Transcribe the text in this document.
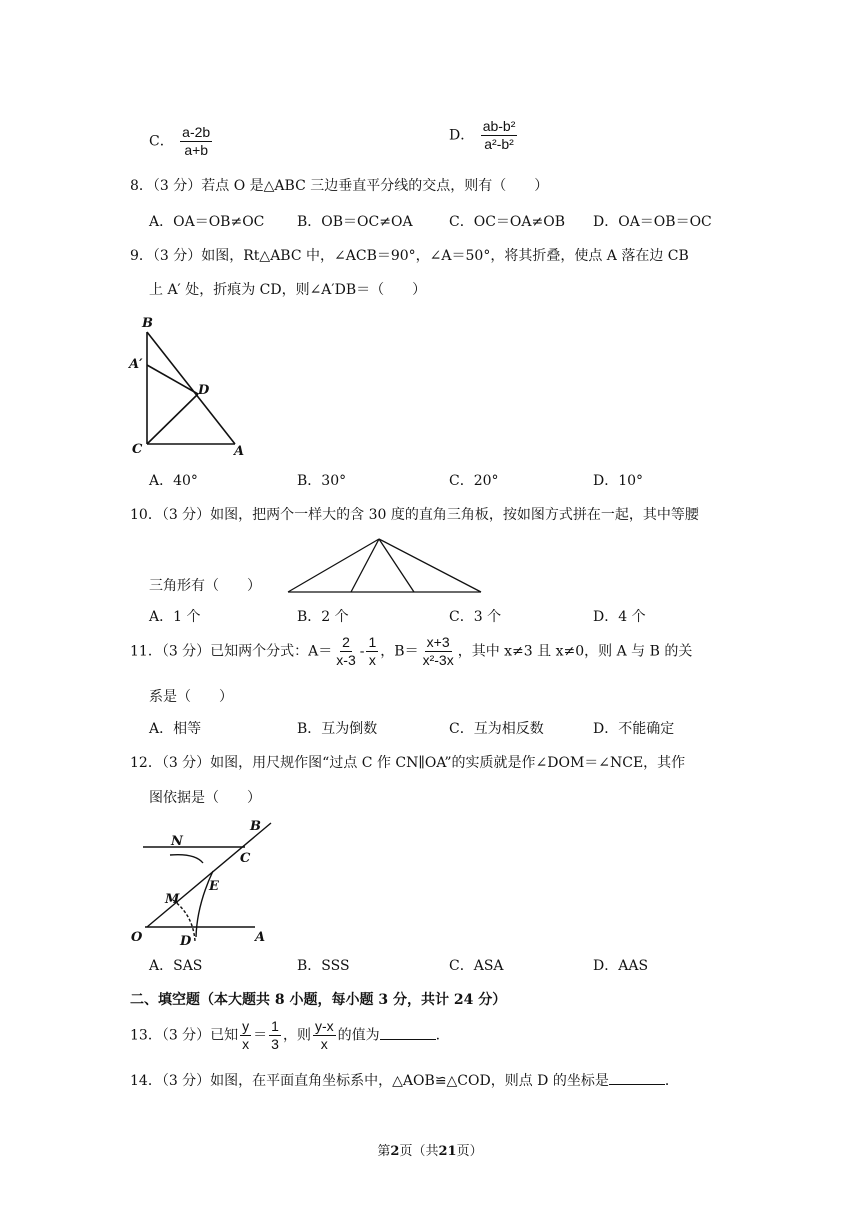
C． $\frac{a-2b}{a+b}$	D． $\frac{\text{ab-b²}}{\text{a²-b²}}$
8．（3 分）若点 O 是△ABC 三边垂直平分线的交点，则有（　　）
A．OA＝OB≠OC B．OB＝OC≠OA	C．OC＝OA≠OB D．OA＝OB＝OC
9．（3 分）如图，Rt△ABC 中，∠ACB＝90°，∠A＝50°，将其折叠，使点 A 落在边 CB
上 A′ 处，折痕为 CD，则∠A′DB＝（　　）
B
A′
D
C	A
A．40°	B．30°	C．20°	D．10°
10．（3 分）如图，把两个一样大的含 30 度的直角三角板，按如图方式拼在一起，其中等腰
三角形有（　　）
A．1 个	B．2 个	C．3 个	D．4 个
11．（3 分）已知两个分式：$A= \frac{2}{x-3} - \frac{1}{x}$ ，$B= \frac{x+3}{\text{x²-3x}}$ ，其中 x≠3 且 x≠0，则 A 与 B 的关
系是（　　）
A．相等	B．互为倒数	C．互为相反数	D．不能确定
12．（3 分）如图，用尺规作图“过点 C 作 CN∥OA”的实质就是作∠DOM＝∠NCE，其作
图依据是（　　）
B
N
C
E
M
O	D	A
A．SAS	B．SSS	C．ASA	D．AAS
二、填空题（本大题共 8 小题，每小题 3 分，共计 24 分）
13．（3 分）已知 $\frac{y}{x} = \frac{1}{3}$ ，则 $\frac{y-x}{x}$ 的值为	.
14．（3 分）如图，在平面直角坐标系中，△AOB≌△COD，则点 D 的坐标是	．
第2页（共21页）
